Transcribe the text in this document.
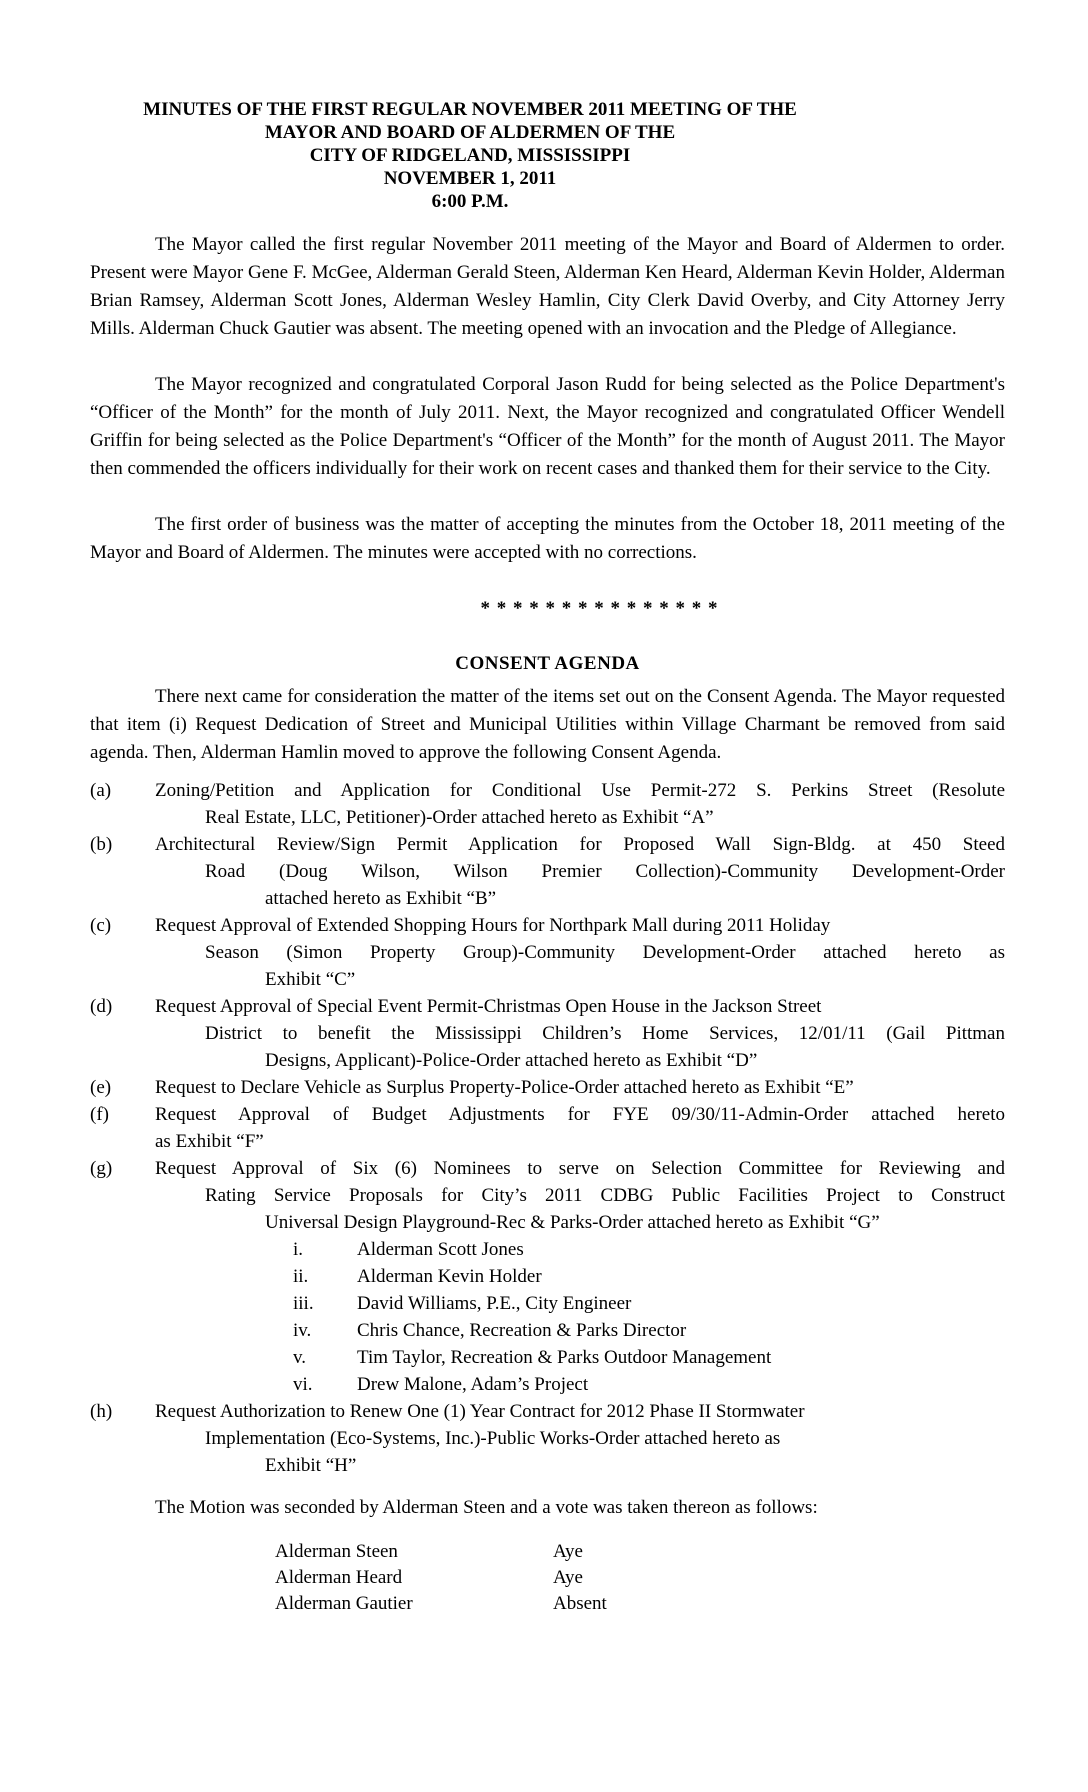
MINUTES OF THE FIRST REGULAR NOVEMBER 2011 MEETING OF THE
MAYOR AND BOARD OF ALDERMEN OF THE
CITY OF RIDGELAND, MISSISSIPPI
NOVEMBER 1, 2011
6:00 P.M.

The Mayor called the first regular November 2011 meeting of the Mayor and Board of Aldermen to order. Present were Mayor Gene F. McGee, Alderman Gerald Steen, Alderman Ken Heard, Alderman Kevin Holder, Alderman Brian Ramsey, Alderman Scott Jones, Alderman Wesley Hamlin, City Clerk David Overby, and City Attorney Jerry Mills. Alderman Chuck Gautier was absent. The meeting opened with an invocation and the Pledge of Allegiance.

The Mayor recognized and congratulated Corporal Jason Rudd for being selected as the Police Department's “Officer of the Month” for the month of July 2011. Next, the Mayor recognized and congratulated Officer Wendell Griffin for being selected as the Police Department's “Officer of the Month” for the month of August 2011. The Mayor then commended the officers individually for their work on recent cases and thanked them for their service to the City.

The first order of business was the matter of accepting the minutes from the October 18, 2011 meeting of the Mayor and Board of Aldermen. The minutes were accepted with no corrections.

* * * * * * * * * * * * * * *
CONSENT AGENDA

There next came for consideration the matter of the items set out on the Consent Agenda. The Mayor requested that item (i) Request Dedication of Street and Municipal Utilities within Village Charmant be removed from said agenda. Then, Alderman Hamlin moved to approve the following Consent Agenda.

(a) Zoning/Petition and Application for Conditional Use Permit-272 S. Perkins Street (Resolute
Real Estate, LLC, Petitioner)-Order attached hereto as Exhibit “A”
(b) Architectural Review/Sign Permit Application for Proposed Wall Sign-Bldg. at 450 Steed
Road (Doug Wilson, Wilson Premier Collection)-Community Development-Order
attached hereto as Exhibit “B”
(c) Request Approval of Extended Shopping Hours for Northpark Mall during 2011 Holiday
Season (Simon Property Group)-Community Development-Order attached hereto as
Exhibit “C”
(d) Request Approval of Special Event Permit-Christmas Open House in the Jackson Street
District to benefit the Mississippi Children’s Home Services, 12/01/11 (Gail Pittman
Designs, Applicant)-Police-Order attached hereto as Exhibit “D”
(e) Request to Declare Vehicle as Surplus Property-Police-Order attached hereto as Exhibit “E”
(f) Request Approval of Budget Adjustments for FYE 09/30/11-Admin-Order attached hereto
as Exhibit “F”
(g) Request Approval of Six (6) Nominees to serve on Selection Committee for Reviewing and
Rating Service Proposals for City’s 2011 CDBG Public Facilities Project to Construct
Universal Design Playground-Rec & Parks-Order attached hereto as Exhibit “G”
i.	Alderman Scott Jones
ii.	Alderman Kevin Holder
iii. David Williams, P.E., City Engineer
iv. Chris Chance, Recreation & Parks Director
v.	Tim Taylor, Recreation & Parks Outdoor Management
vi. Drew Malone, Adam’s Project
(h) Request Authorization to Renew One (1) Year Contract for 2012 Phase II Stormwater
Implementation (Eco-Systems, Inc.)-Public Works-Order attached hereto as
Exhibit “H”

The Motion was seconded by Alderman Steen and a vote was taken thereon as follows:

Alderman Steen	Aye
Alderman Heard	Aye
Alderman Gautier	Absent
